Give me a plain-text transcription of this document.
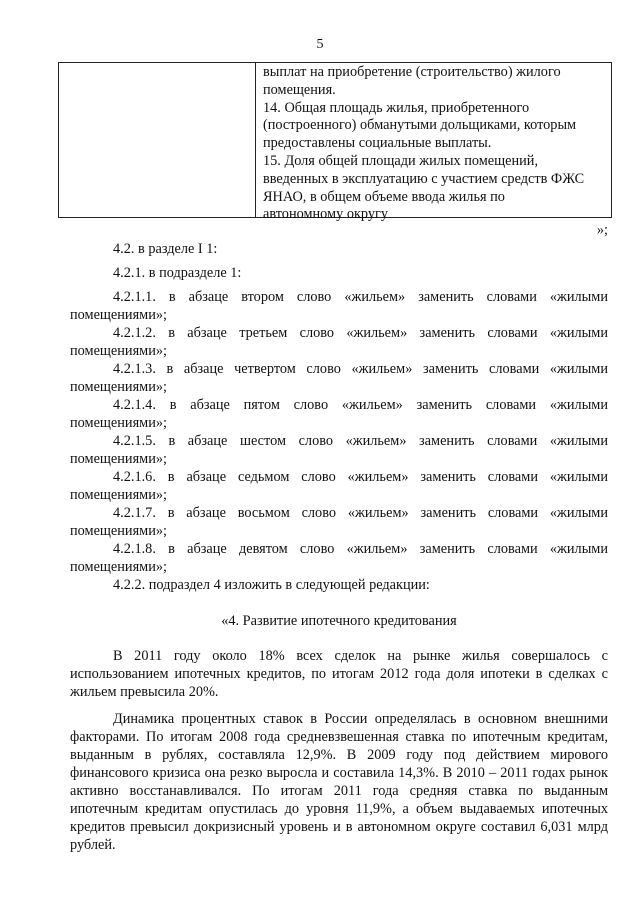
5
выплат на приобретение (строительство) жилого
помещения.
14. Общая площадь жилья, приобретенного
(построенного) обманутыми дольщиками, которым
предоставлены социальные выплаты.
15. Доля общей площади жилых помещений,
введенных в эксплуатацию с участием средств ФЖС
ЯНАО, в общем объеме ввода жилья по
автономному округу
»;
4.2. в разделе I 1:
4.2.1. в подразделе 1:
4.2.1.1. в абзаце втором слово «жильем» заменить словами «жилыми помещениями»;
4.2.1.2. в абзаце третьем слово «жильем» заменить словами «жилыми помещениями»;
4.2.1.3. в абзаце четвертом слово «жильем» заменить словами «жилыми помещениями»;
4.2.1.4. в абзаце пятом слово «жильем» заменить словами «жилыми помещениями»;
4.2.1.5. в абзаце шестом слово «жильем» заменить словами «жилыми помещениями»;
4.2.1.6. в абзаце седьмом слово «жильем» заменить словами «жилыми помещениями»;
4.2.1.7. в абзаце восьмом слово «жильем» заменить словами «жилыми помещениями»;
4.2.1.8. в абзаце девятом слово «жильем» заменить словами «жилыми помещениями»;
4.2.2. подраздел 4 изложить в следующей редакции:
«4. Развитие ипотечного кредитования
В 2011 году около 18% всех сделок на рынке жилья совершалось с использованием ипотечных кредитов, по итогам 2012 года доля ипотеки в сделках с жильем превысила 20%.
Динамика процентных ставок в России определялась в основном внешними факторами. По итогам 2008 года средневзвешенная ставка по ипотечным кредитам, выданным в рублях, составляла 12,9%. В 2009 году под действием мирового финансового кризиса она резко выросла и составила 14,3%. В 2010 – 2011 годах рынок активно восстанавливался. По итогам 2011 года средняя ставка по выданным ипотечным кредитам опустилась до уровня 11,9%, а объем выдаваемых ипотечных кредитов превысил докризисный уровень и в автономном округе составил 6,031 млрд рублей.
